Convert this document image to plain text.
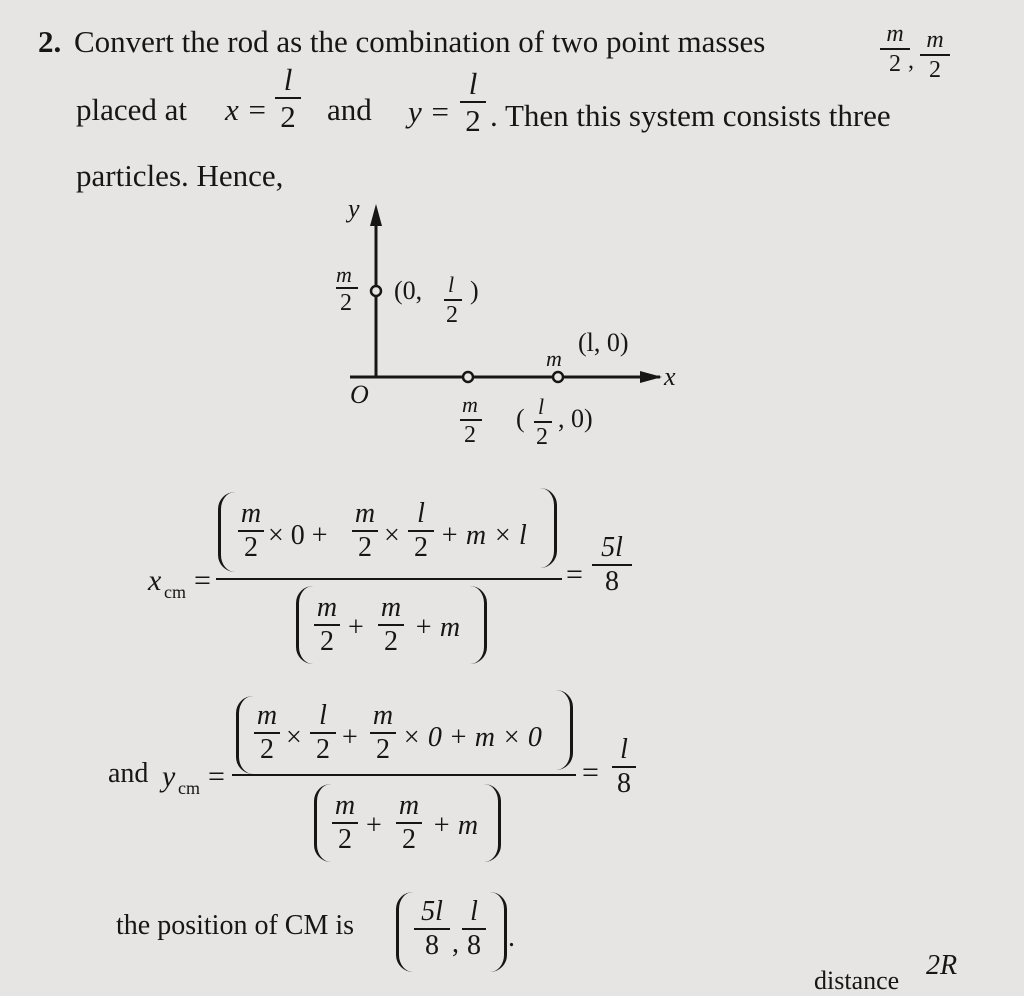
2. Convert the rod as the combination of two point masses	m
2 ,
m
2
placed at x =
l
2 and y =
l
2 . Then this system consists three
particles. Hence,
y
x
O
m
2 (0, l
2
)
m
2
( l
2
, 0)
m
(l, 0)
x cm =
m
2 × 0 +
m
2 ×
l
2 + m × l
m
2 +
m
2 + m
=
5l
8
and y cm =
m
2 ×
l
2 +
m
2 × 0 + m × 0
m
2 +
m
2 + m
=
l
8
the position of CM is 5l
8 ,
l
8 .
distance 2R
